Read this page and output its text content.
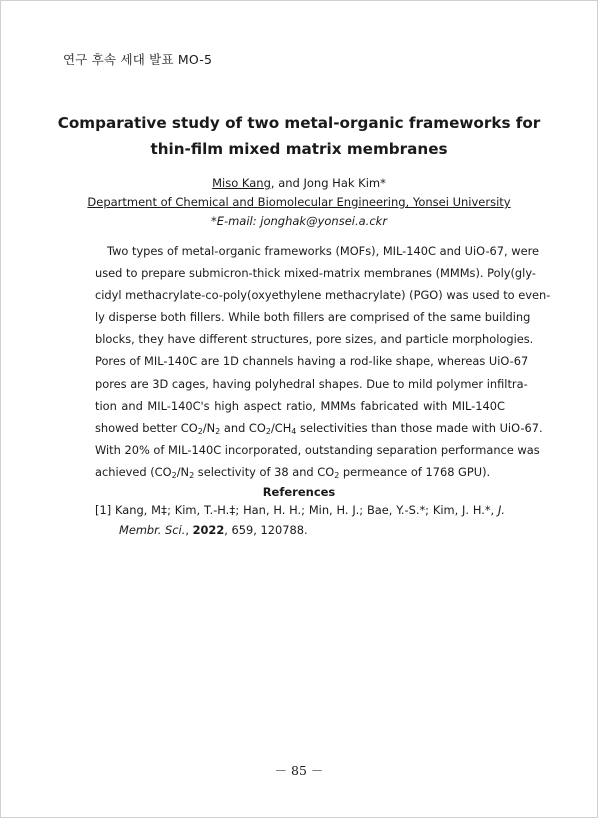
연구 후속 세대 발표 MO-5
Comparative study of two metal-organic frameworks for
thin-film mixed matrix membranes
Miso Kang, and Jong Hak Kim*
Department of Chemical and Biomolecular Engineering, Yonsei University
*E-mail: jonghak@yonsei.a.ckr
Two types of metal-organic frameworks (MOFs), MIL-140C and UiO-67, were
used to prepare submicron-thick mixed-matrix membranes (MMMs). Poly(gly-
cidyl methacrylate-co-poly(oxyethylene methacrylate) (PGO) was used to even-
ly disperse both fillers. While both fillers are comprised of the same building
blocks, they have different structures, pore sizes, and particle morphologies.
Pores of MIL-140C are 1D channels having a rod-like shape, whereas UiO-67
pores are 3D cages, having polyhedral shapes. Due to mild polymer infiltra-
tion and MIL-140C's high aspect ratio, MMMs fabricated with MIL-140C
showed better $CO_2/N_2$ and $CO_2/CH_4$ selectivities than those made with UiO-67.
With 20% of MIL-140C incorporated, outstanding separation performance was
achieved ($CO_2/N_2$ selectivity of 38 and $CO_2$ permeance of 1768 GPU).
References
[1] Kang, M‡; Kim, T.-H.‡; Han, H. H.; Min, H. J.; Bae, Y.-S.*; Kim, J. H.*, J.
Membr. Sci., 2022, 659, 120788.
－ 85 －
